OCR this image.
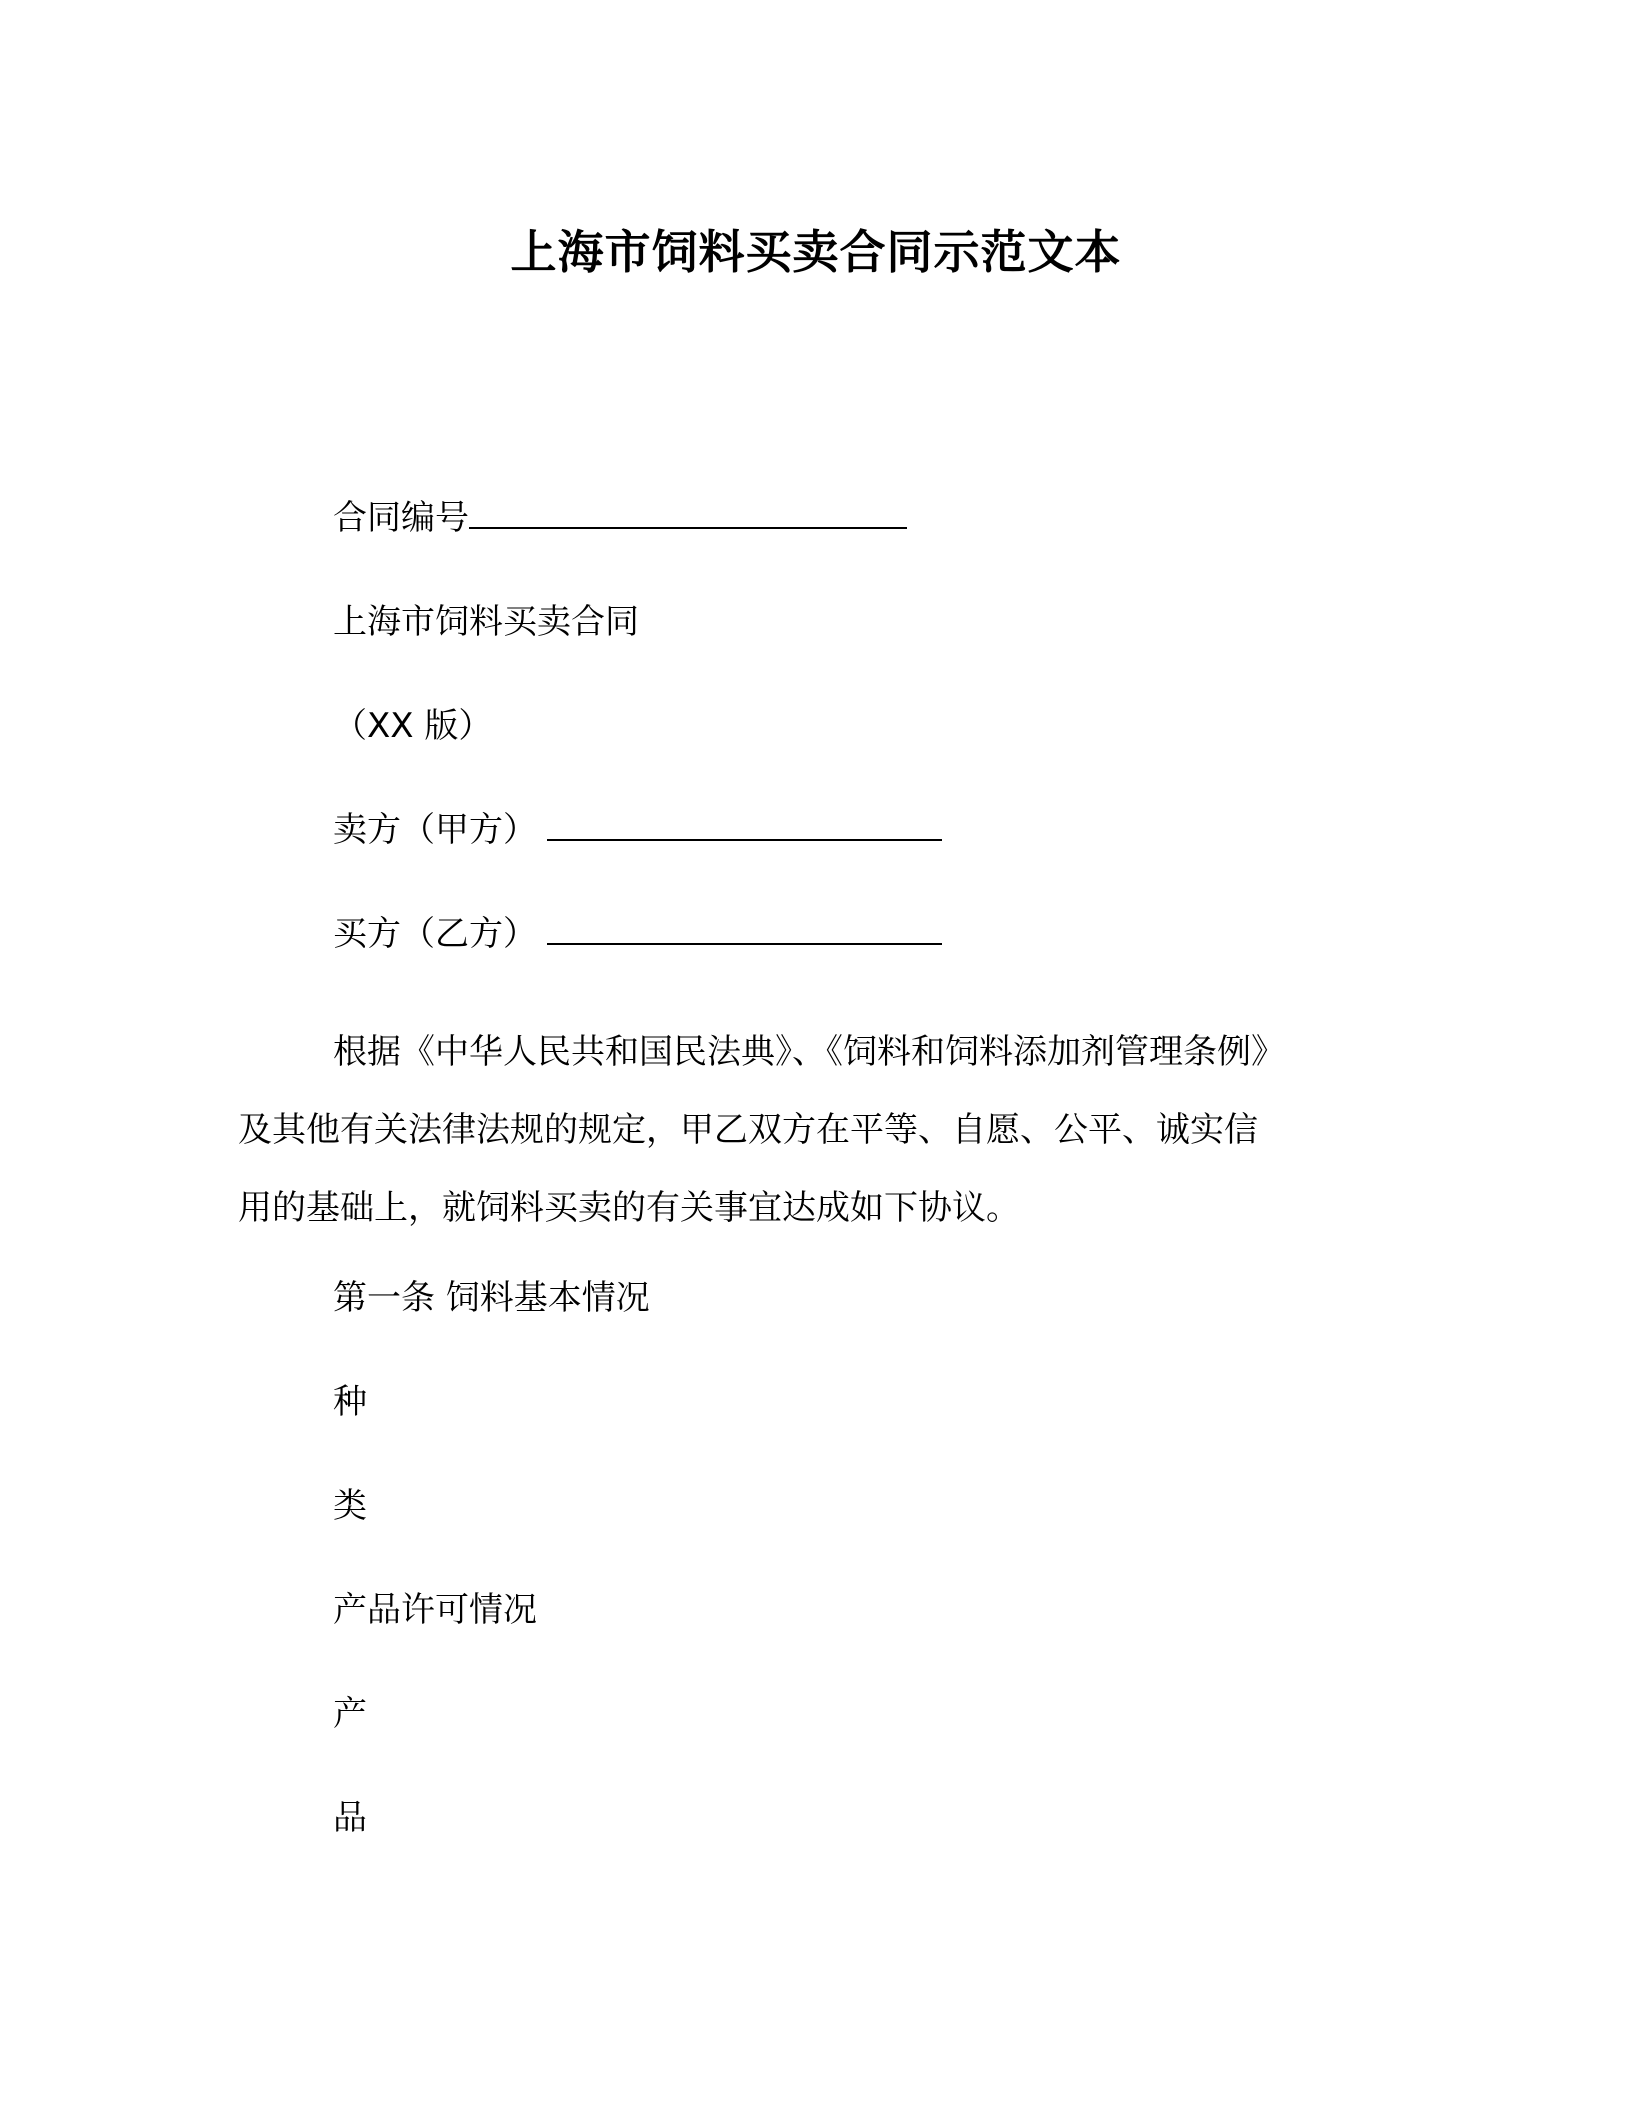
上海市饲料买卖合同示范文本
合同编号
上海市饲料买卖合同
（XX 版）
卖方（甲方）
买方（乙方）
根据《中华人民共和国民法典》、《饲料和饲料添加剂管理条例》
及其他有关法律法规的规定，甲乙双方在平等、自愿、公平、诚实信
用的基础上，就饲料买卖的有关事宜达成如下协议。
第一条 饲料基本情况
种
类
产品许可情况
产
品
